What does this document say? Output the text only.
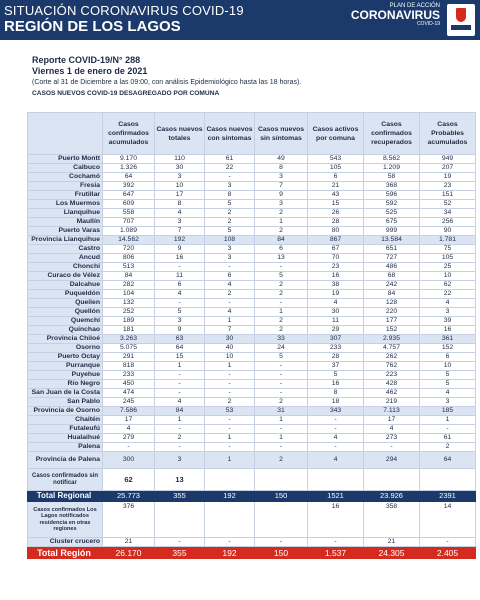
SITUACIÓN CORONAVIRUS COVID-19
REGIÓN DE LOS LAGOS
PLAN DE ACCIÓN
CORONAVIRUS
COVID-19
Reporte COVID-19/N° 288
Viernes 1 de enero de 2021
(Corte al 31 de Diciembre a las 09:00, con análisis Epidemiológico hasta las 18 horas).
CASOS NUEVOS COVID-19 DESAGREGADO POR COMUNA
	Casos confirmados acumulados	Casos nuevos totales	Casos nuevos con síntomas	Casos nuevos sin síntomas	Casos activos por comuna	Casos confirmados recuperados	Casos Probables acumulados
Puerto Montt	9.170	110	61	49	543	8.562	949
Calbuco	1.326	30	22	8	105	1.209	207
Cochamó	64	3	-	3	6	58	19
Fresia	392	10	3	7	21	368	23
Frutillar	647	17	8	9	43	596	151
Los Muermos	609	8	5	3	15	592	52
Llanquihue	558	4	2	2	26	525	34
Maullín	707	3	2	1	28	675	256
Puerto Varas	1.089	7	5	2	80	999	90
Provincia Llanquihue	14.562	192	108	84	867	13.584	1.781
Castro	720	9	3	6	67	651	75
Ancud	806	16	3	13	70	727	105
Chonchi	513	-	-	-	23	486	25
Curaco de Vélez	84	11	6	5	16	68	10
Dalcahue	282	6	4	2	38	242	62
Puqueldón	104	4	2	2	19	84	22
Queilen	132	-	-	-	4	128	4
Quellón	252	5	4	1	30	220	3
Quemchi	189	3	1	2	11	177	39
Quinchao	181	9	7	2	29	152	16
Provincia Chiloé	3.263	63	30	33	307	2.935	361
Osorno	5.075	64	40	24	233	4.757	152
Puerto Octay	291	15	10	5	28	262	6
Purranque	818	1	1	-	37	762	10
Puyehue	233	-	-	-	5	223	5
Río Negro	450	-	-	-	16	428	5
San Juan de la Costa	474	-	-	-	8	462	4
San Pablo	245	4	2	2	18	219	3
Provincia de Osorno	7.586	84	53	31	343	7.113	185
Chaitén	17	1	-	1	-	17	1
Futaleufú	4	-	-	-	-	4	-
Hualaihué	279	2	1	1	4	273	61
Palena	-	-	-	-	-	-	2
Provincia de Palena	300	3	1	2	4	294	64
Casos confirmados sin notificar	62	13					
Total Regional	25.773	355	192	150	1521	23.926	2391
Casos confirmados Los Lagos notificados residencia en otras regiones	376				16	358	14
Cluster crucero	21	-	-	-	-	21	-
Total Región	26.170	355	192	150	1.537	24.305	2.405
